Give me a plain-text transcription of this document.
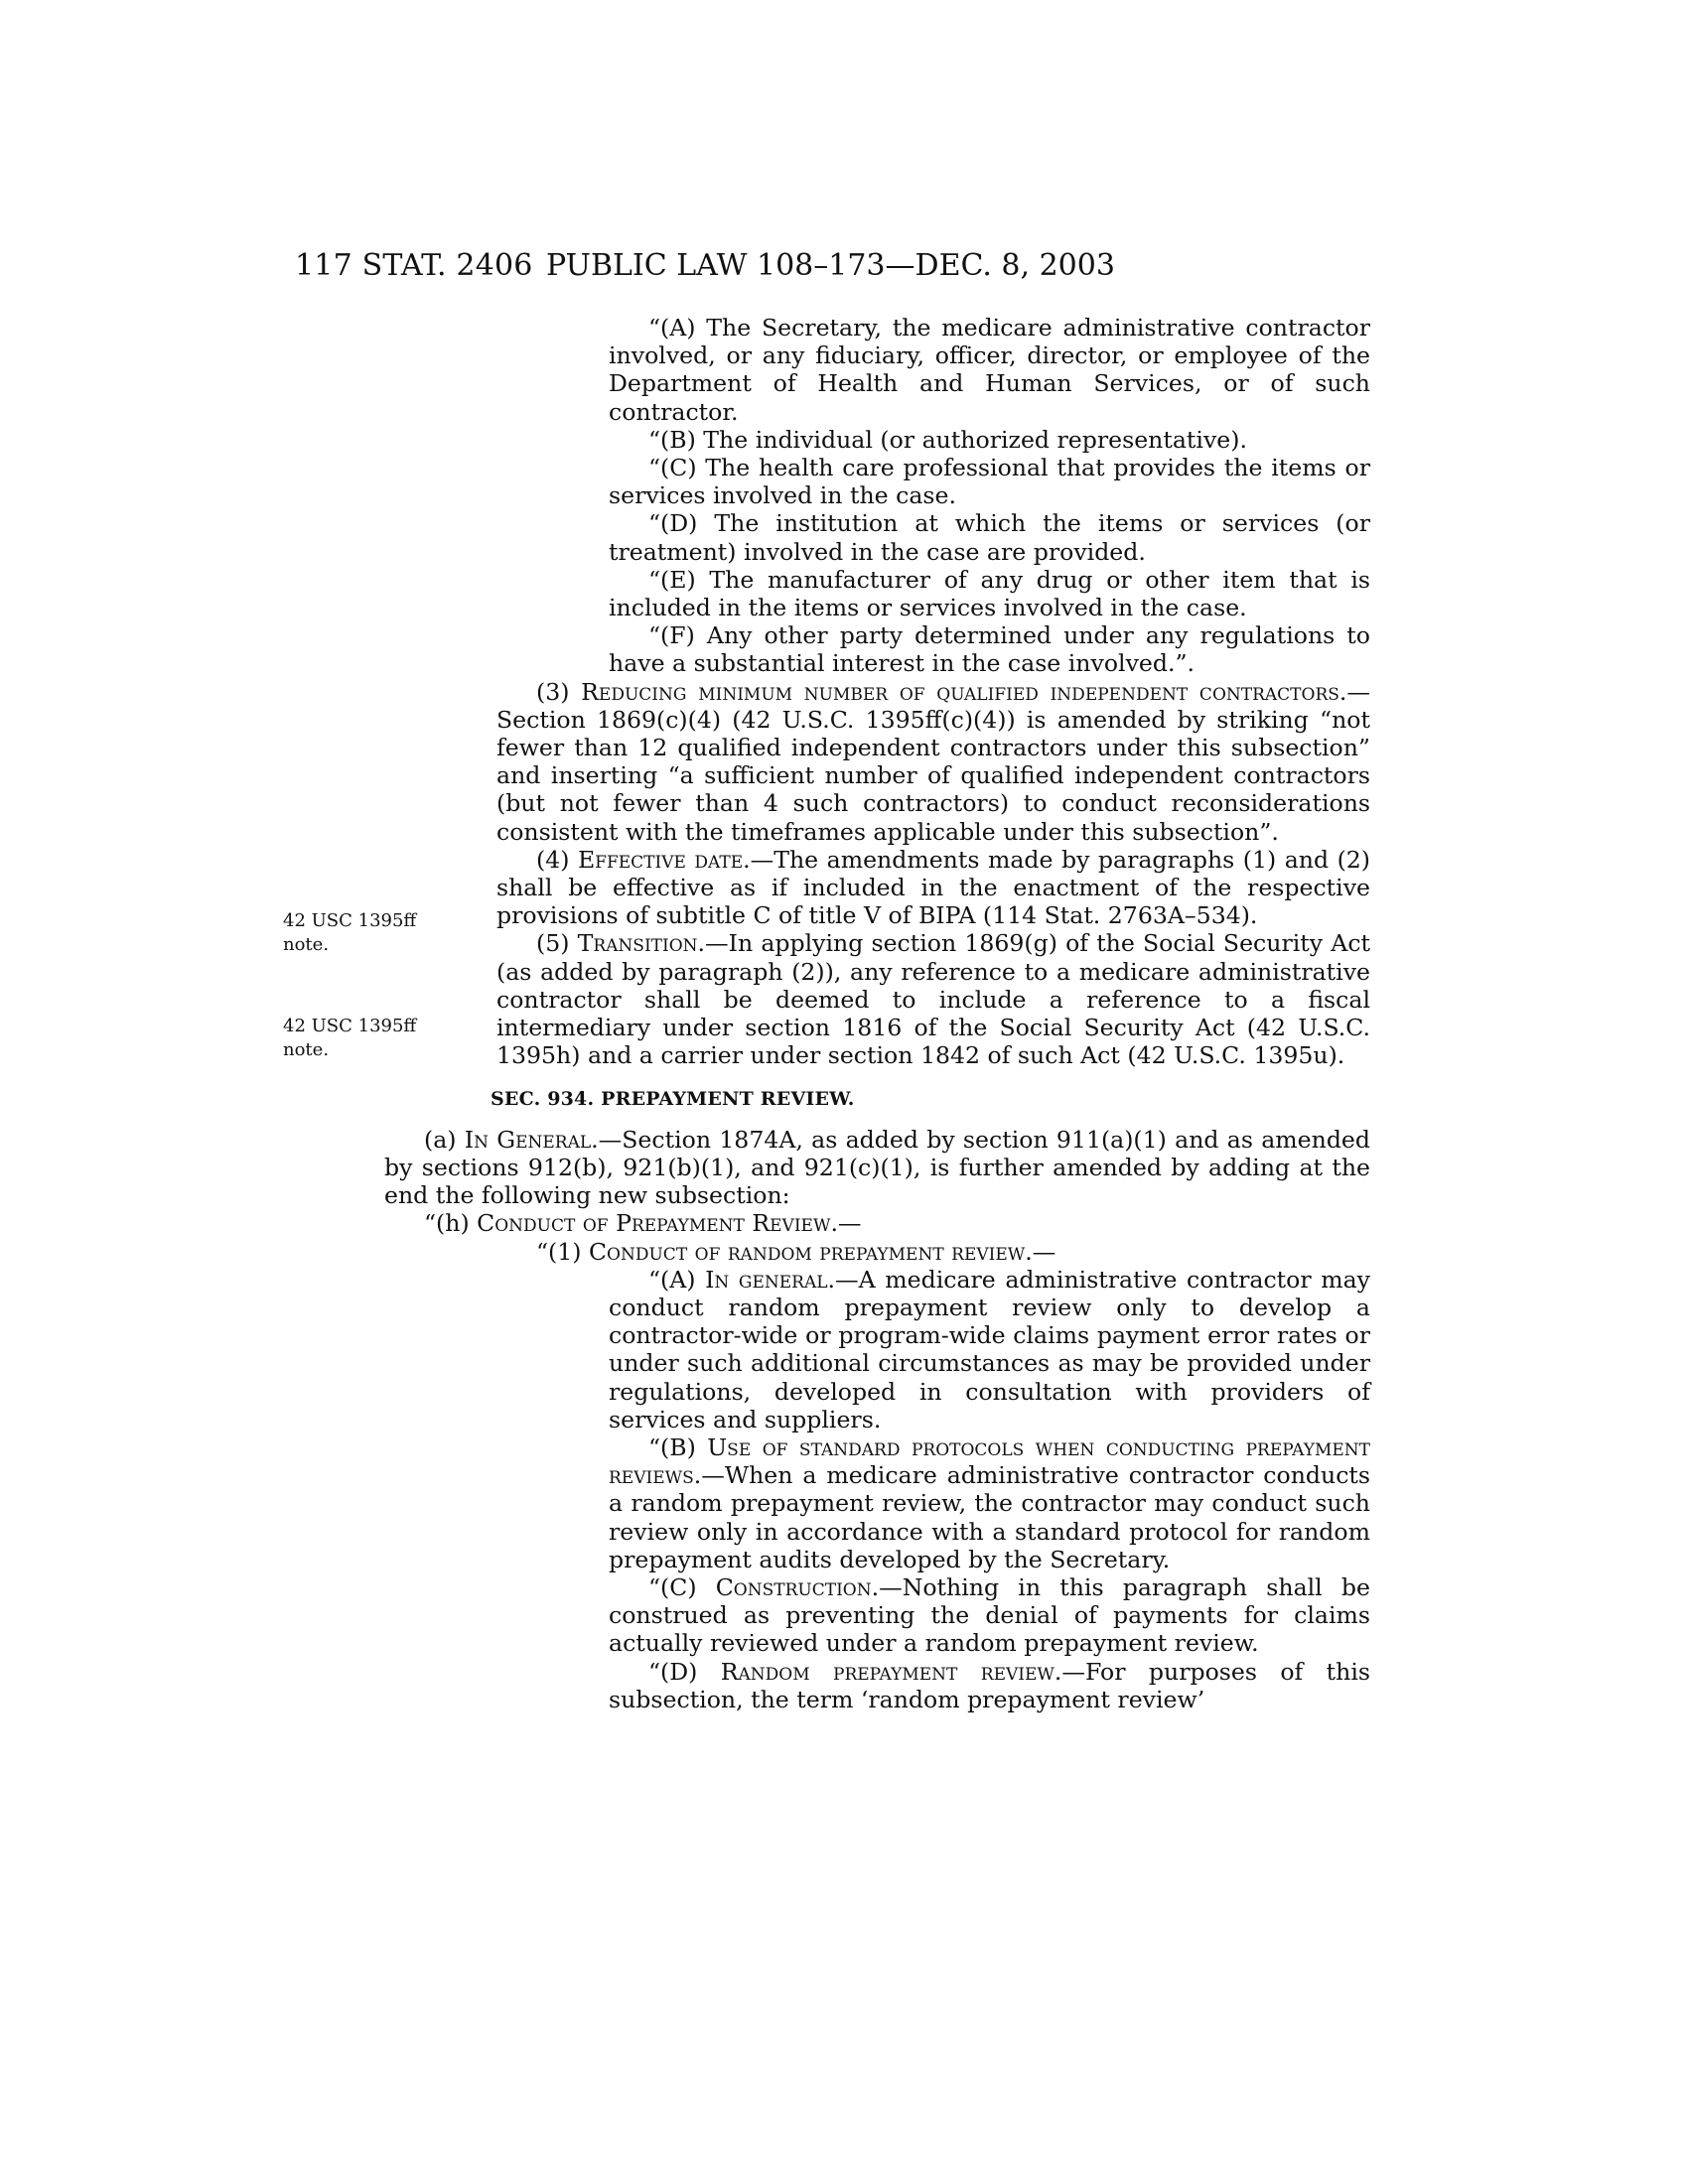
117 STAT. 2406 PUBLIC LAW 108–173—DEC. 8, 2003
42 USC 1395ff
note.
42 USC 1395ff
note.

“(A) The Secretary, the medicare administrative contractor involved, or any fiduciary, officer, director, or employee of the Department of Health and Human Services, or of such contractor.

“(B) The individual (or authorized representative).

“(C) The health care professional that provides the items or services involved in the case.

“(D) The institution at which the items or services (or treatment) involved in the case are provided.

“(E) The manufacturer of any drug or other item that is included in the items or services involved in the case.

“(F) Any other party determined under any regulations to have a substantial interest in the case involved.”.

(3) Reducing minimum number of qualified independent contractors.—Section 1869(c)(4) (42 U.S.C. 1395ff(c)(4)) is amended by striking “not fewer than 12 qualified independent contractors under this subsection” and inserting “a sufficient number of qualified independent contractors (but not fewer than 4 such contractors) to conduct reconsiderations consistent with the timeframes applicable under this subsection”.

(4) Effective date.—The amendments made by paragraphs (1) and (2) shall be effective as if included in the enactment of the respective provisions of subtitle C of title V of BIPA (114 Stat. 2763A–534).

(5) Transition.—In applying section 1869(g) of the Social Security Act (as added by paragraph (2)), any reference to a medicare administrative contractor shall be deemed to include a reference to a fiscal intermediary under section 1816 of the Social Security Act (42 U.S.C. 1395h) and a carrier under section 1842 of such Act (42 U.S.C. 1395u).

SEC. 934. PREPAYMENT REVIEW.

(a) In General.—Section 1874A, as added by section 911(a)(1) and as amended by sections 912(b), 921(b)(1), and 921(c)(1), is further amended by adding at the end the following new subsection:

“(h) Conduct of Prepayment Review.—

“(1) Conduct of random prepayment review.—

“(A) In general.—A medicare administrative contractor may conduct random prepayment review only to develop a contractor-wide or program-wide claims payment error rates or under such additional circumstances as may be provided under regulations, developed in consultation with providers of services and suppliers.

“(B) Use of standard protocols when conducting prepayment reviews.—When a medicare administrative contractor conducts a random prepayment review, the contractor may conduct such review only in accordance with a standard protocol for random prepayment audits developed by the Secretary.

“(C) Construction.—Nothing in this paragraph shall be construed as preventing the denial of payments for claims actually reviewed under a random prepayment review.

“(D) Random prepayment review.—For purposes of this subsection, the term ‘random prepayment review’
